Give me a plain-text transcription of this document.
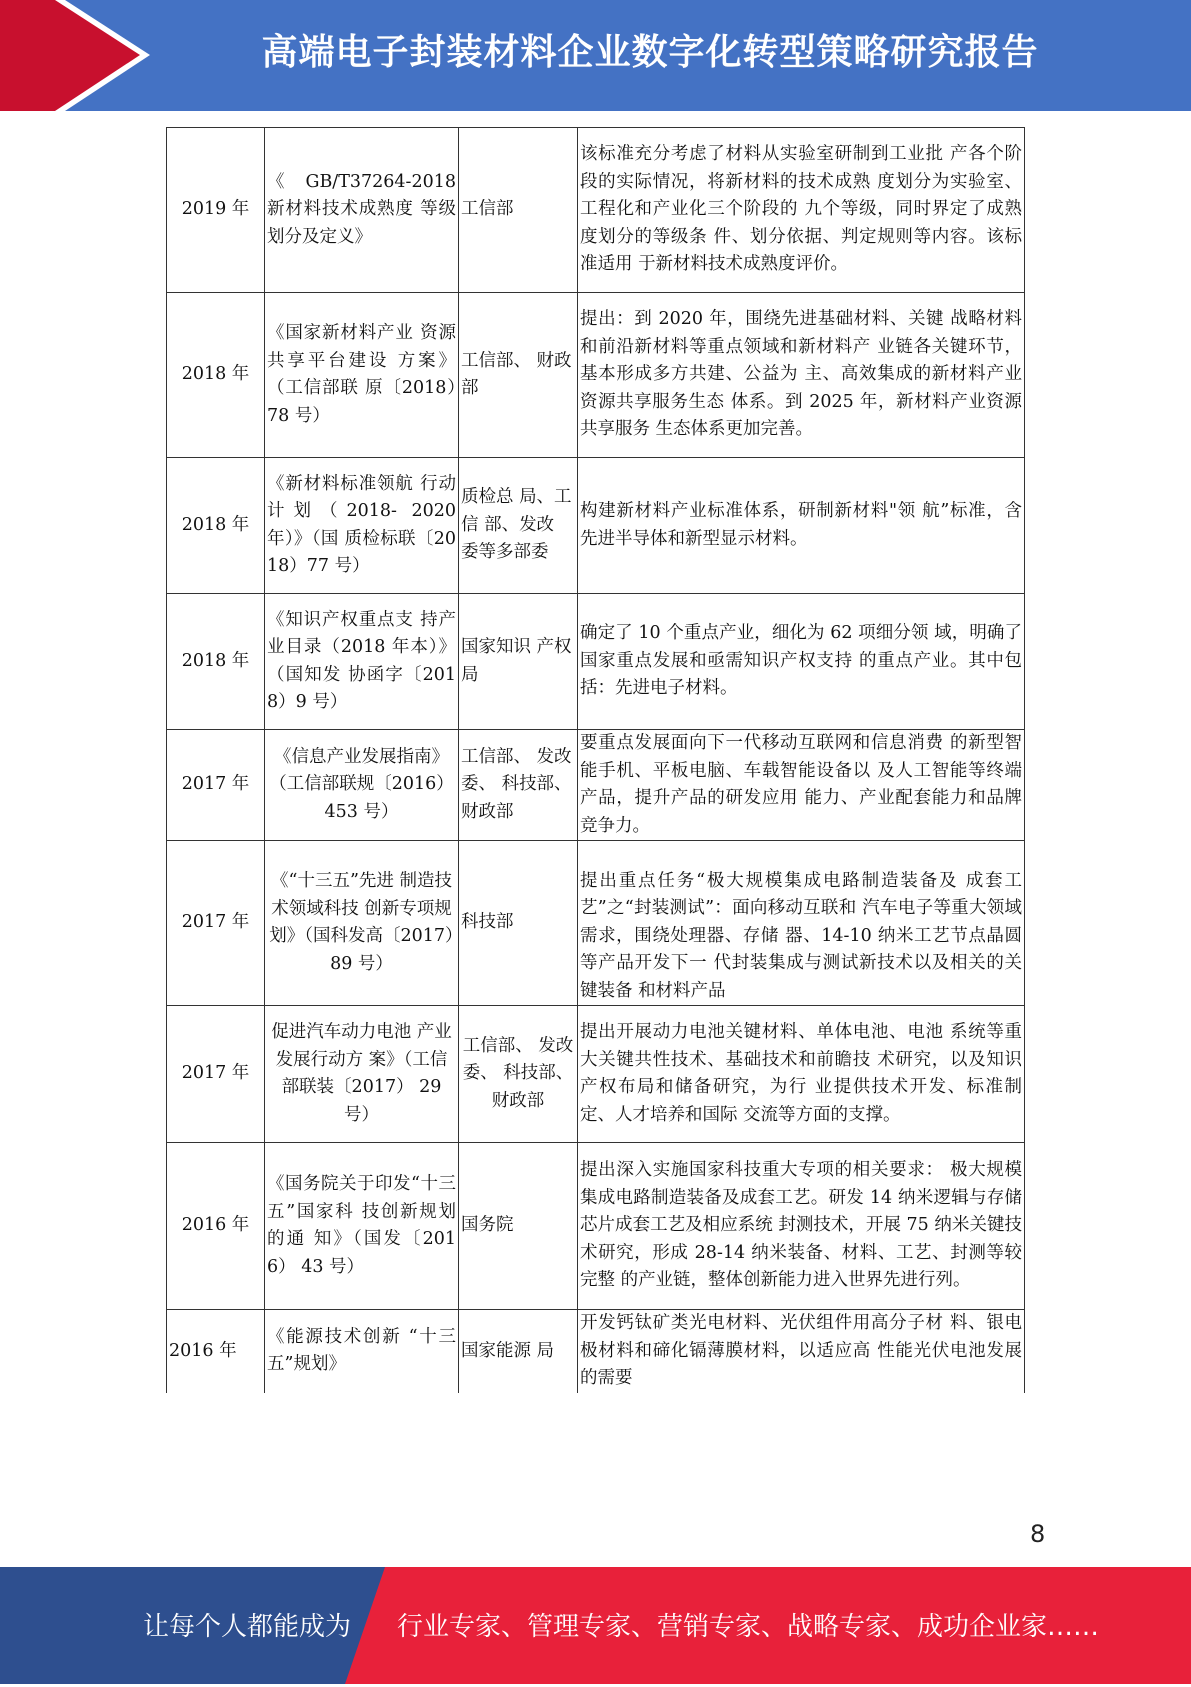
高端电子封装材料企业数字化转型策略研究报告
2019 年	《GB/T37264-2018 新材料技术成熟度 等级划分及定义》	工信部	该标准充分考虑了材料从实验室研制到工业批 产各个阶段的实际情况，将新材料的技术成熟 度划分为实验室、工程化和产业化三个阶段的 九个等级，同时界定了成熟度划分的等级条 件、划分依据、判定规则等内容。该标准适用 于新材料技术成熟度评价。
2018 年	《国家新材料产业 资源共享平台建设 方案》（工信部联 原〔2018）78 号）	工信部、 财政部	提出：到 2020 年，围绕先进基础材料、关键 战略材料和前沿新材料等重点领域和新材料产 业链各关键环节，基本形成多方共建、公益为 主、高效集成的新材料产业资源共享服务生态 体系。到 2025 年，新材料产业资源共享服务 生态体系更加完善。
2018 年	《新材料标准领航 行动计划（2018- 2020 年）》（国 质检标联〔2018）77 号）	质检总 局、工信 部、发改 委等多部委	构建新材料产业标准体系，研制新材料"领 航”标准，含先进半导体和新型显示材料。
2018 年	《知识产权重点支 持产业目录（2018 年本）》（国知发 协函字〔2018）9 号）	国家知识 产权局	确定了 10 个重点产业，细化为 62 项细分领 域，明确了国家重点发展和亟需知识产权支持 的重点产业。其中包括：先进电子材料。
2017 年	《信息产业发展指南》（工信部联规〔2016） 453 号）	工信部、 发改委、 科技部、 财政部	要重点发展面向下一代移动互联网和信息消费 的新型智能手机、平板电脑、车载智能设备以 及人工智能等终端产品，提升产品的研发应用 能力、产业配套能力和品牌竞争力。
2017 年	《“十三五”先进 制造技术领域科技 创新专项规划》（国科发高〔2017）89 号）	科技部	提出重点任务“极大规模集成电路制造装备及 成套工艺”之“封装测试”：面向移动互联和 汽车电子等重大领域需求，围绕处理器、存储 器、14-10 纳米工艺节点晶圆等产品开发下一 代封装集成与测试新技术以及相关的关键装备 和材料产品
2017 年	促进汽车动力电池 产业发展行动方 案》（工信部联装〔2017） 29 号）	工信部、 发改委、 科技部、 财政部	提出开展动力电池关键材料、单体电池、电池 系统等重大关键共性技术、基础技术和前瞻技 术研究，以及知识产权布局和储备研究，为行 业提供技术开发、标准制定、人才培养和国际 交流等方面的支撑。
2016 年	《国务院关于印发“十三五”国家科 技创新规划的通 知》（国发〔2016） 43 号）	国务院	提出深入实施国家科技重大专项的相关要求： 极大规模集成电路制造装备及成套工艺。研发 14 纳米逻辑与存储芯片成套工艺及相应系统 封测技术，开展 75 纳米关键技术研究，形成 28-14 纳米装备、材料、工艺、封测等较完整 的产业链，整体创新能力进入世界先进行列。
2016 年	《能源技术创新 “十三五”规划》	国家能源 局	开发钙钛矿类光电材料、光伏组件用高分子材 料、银电极材料和碲化镉薄膜材料，以适应高 性能光伏电池发展的需要
8
让每个人都能成为 行业专家、管理专家、营销专家、战略专家、成功企业家……
